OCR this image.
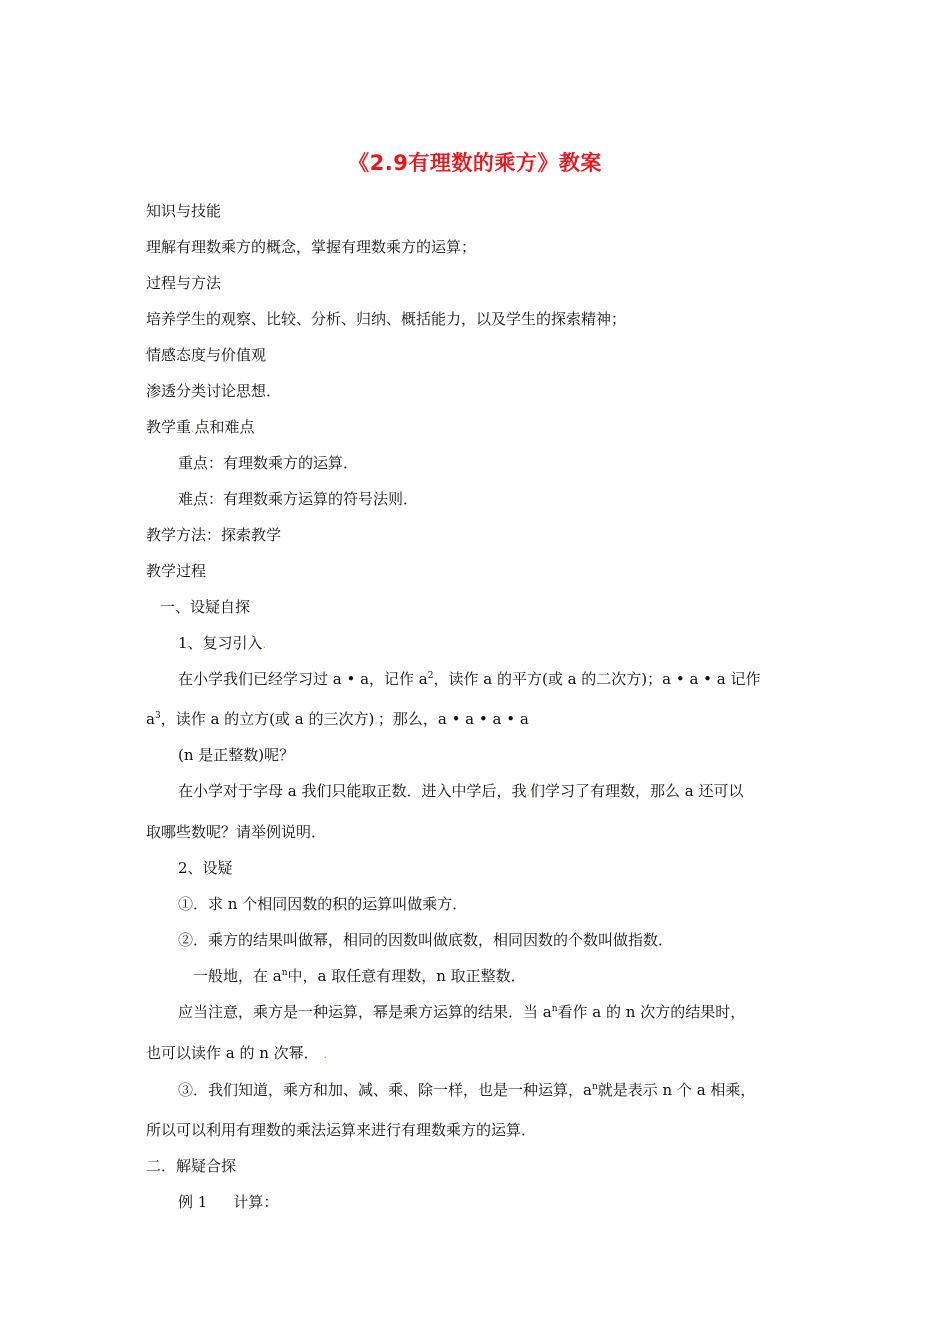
《2.9有理数的乘方》教案
知识与技能
理解有理数乘方的概念，掌握有理数乘方的运算；
过程与方法
培养学生的观察、比较、分析、归纳、概括能力，以及学生的探索精神；
情感态度与价值观
渗透分类讨论思想．
教学重.点和难点
重点：有理数乘方的运算．
难点：有理数乘方运算的符号法则．
教学方法：探索教学
教学过程
一、设疑自探
1、复习引入.
在小学我们已经学习过 a • a，记作 $a^2$，读作 a 的平方(或 a 的二次方)；a • a • a 记作
$a^3$，读作 a 的立方(或 a 的三次方).；那么，a • a • a • a
(n 是正整数)呢？
在小学对于字母 a 我们只能取正数．进入中学后，我.们学习了有理数，那么 a 还可以
取哪些数呢？请举例说明．
2、设疑
①．求 n 个相同因数的积的运算叫做乘方．
②．乘方的结果叫做幂，相同的因数叫做底数，相同因数的个数叫做指数．
一般地，在 $a^n$中，a 取任意有理数，n 取正整数．
应当注意，乘方是一种运算，幂是乘方运算的结果．当 $a^n$看作 a 的 n 次方的结果时，
也可以读作 a 的 n 次幂． .
③．我们知道，乘方和加、减、乘、除一样，也是一种运算，$a^n$就是表示 n 个 a 相乘，
所以可以利用有理数的乘法运算来进行有理数乘方的运算．
二．解疑合探
例 1 计算：
